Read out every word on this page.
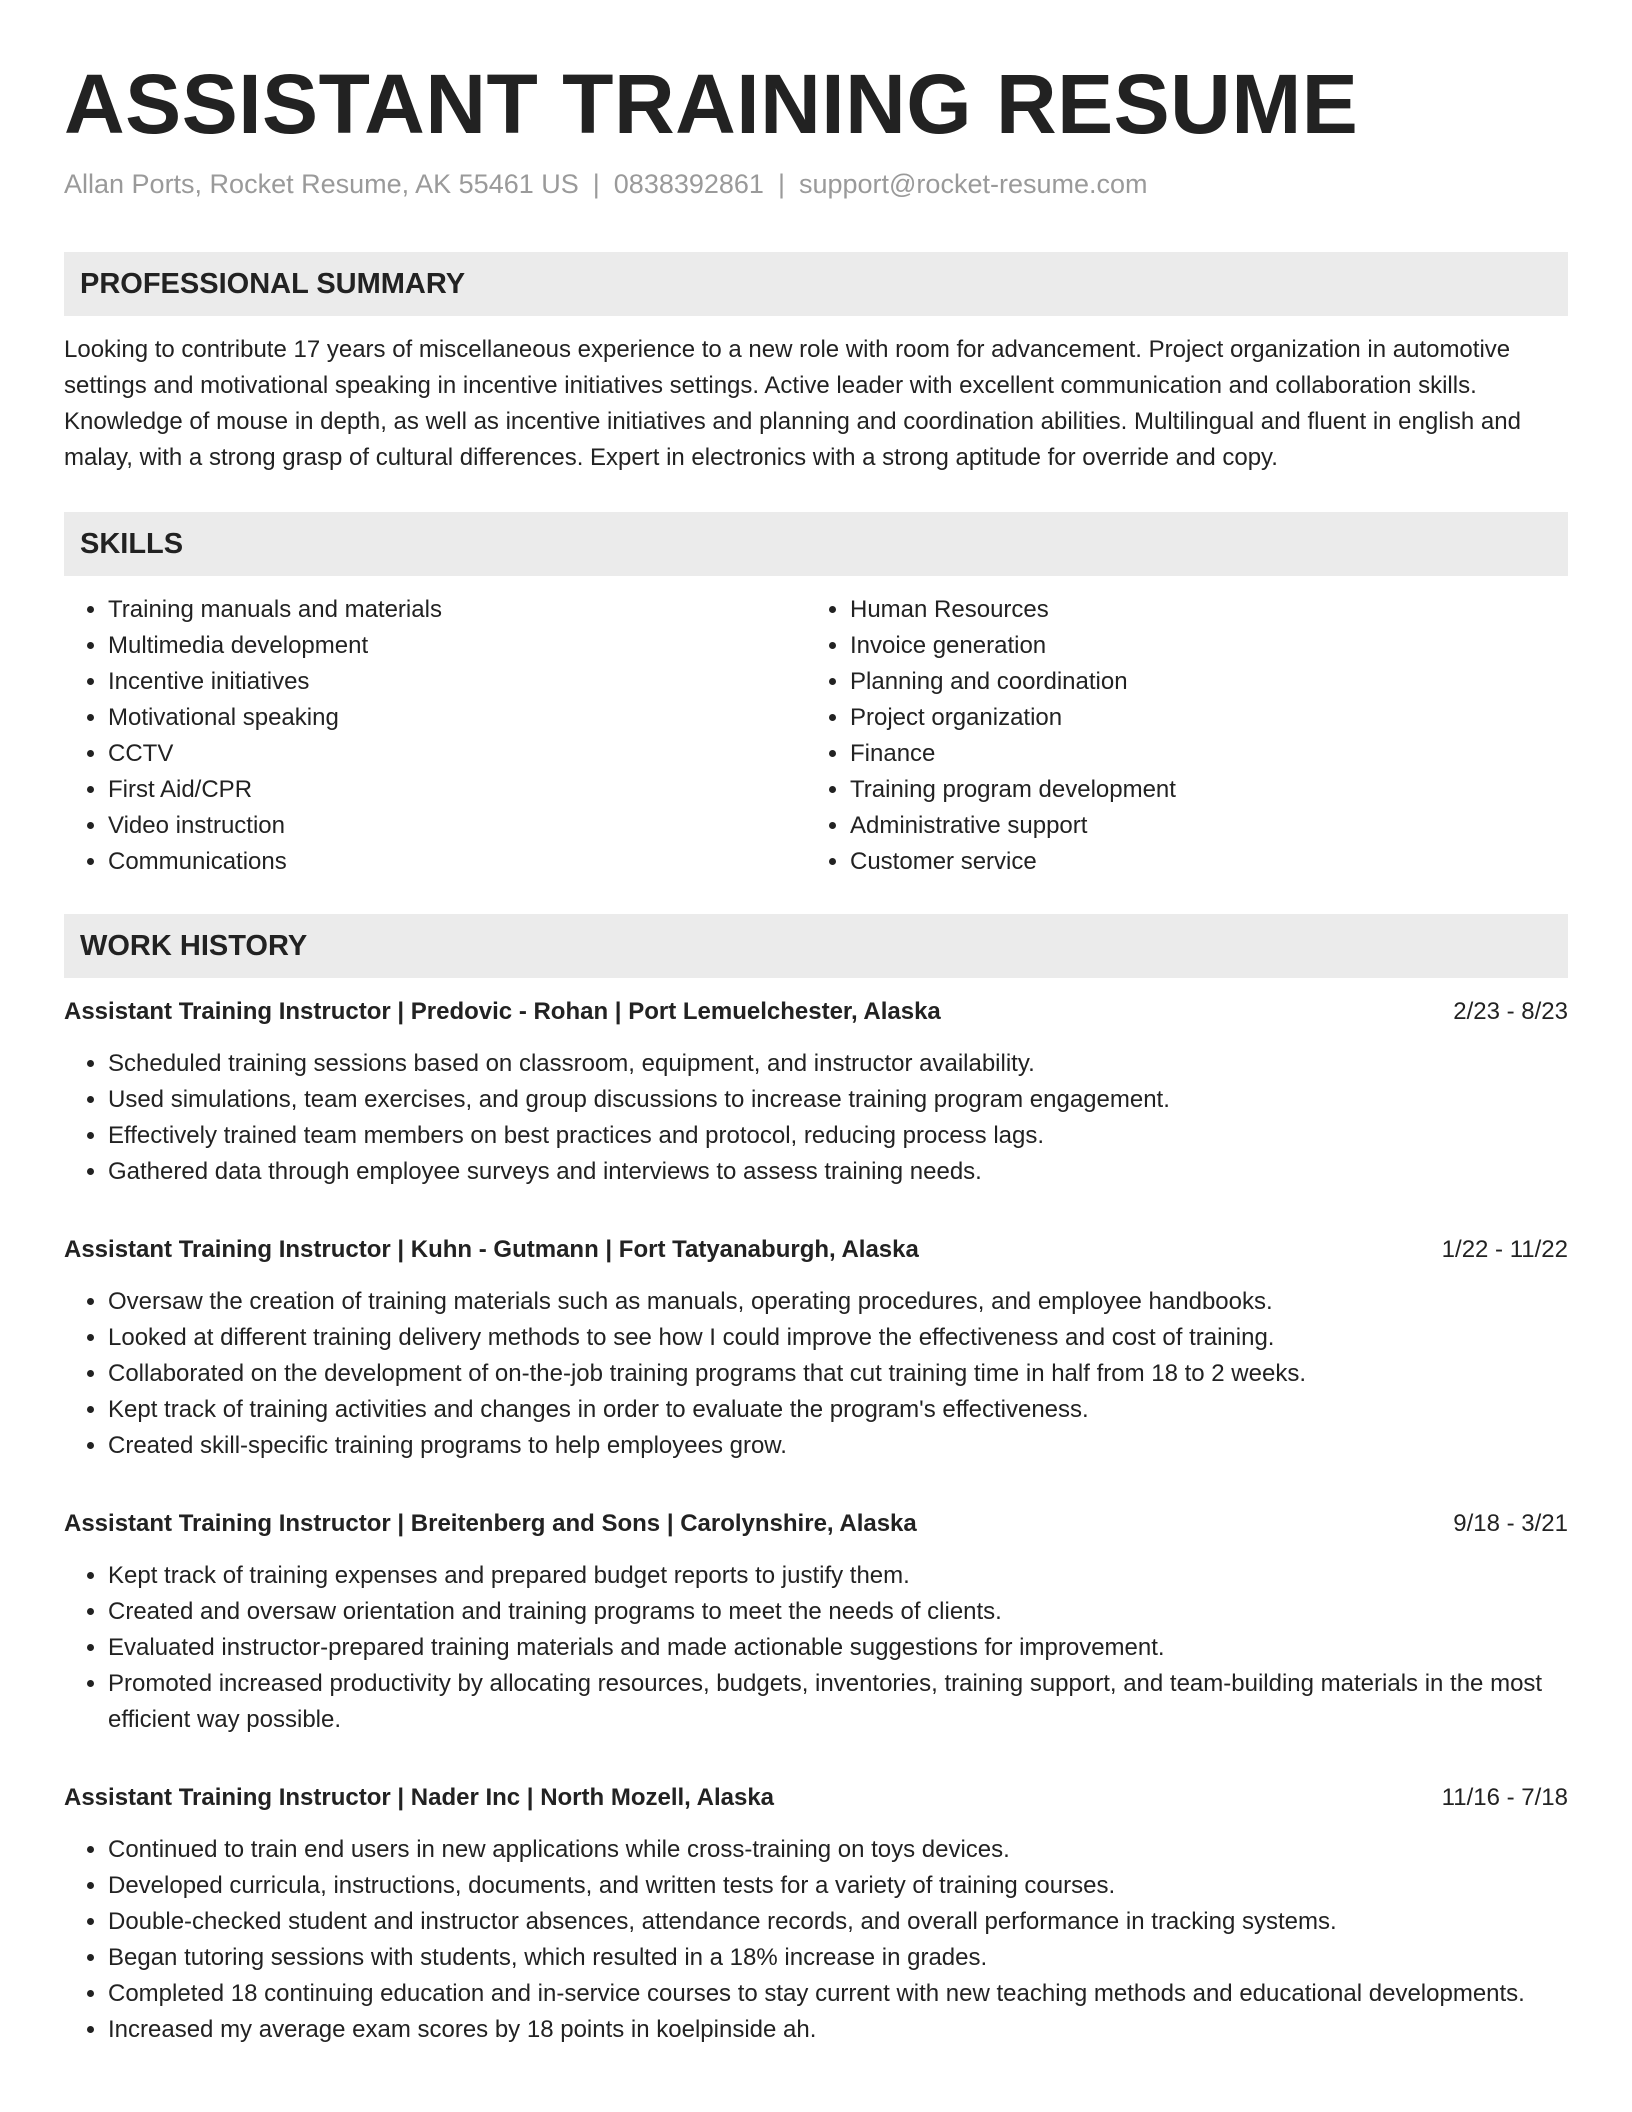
ASSISTANT TRAINING RESUME
Allan Ports, Rocket Resume, AK 55461 US | 0838392861 | support@rocket-resume.com
PROFESSIONAL SUMMARY

Looking to contribute 17 years of miscellaneous experience to a new role with room for advancement. Project organization in automotive settings and motivational speaking in incentive initiatives settings. Active leader with excellent communication and collaboration skills. Knowledge of mouse in depth, as well as incentive initiatives and planning and coordination abilities. Multilingual and fluent in english and malay, with a strong grasp of cultural differences. Expert in electronics with a strong aptitude for override and copy.

SKILLS
• Training manuals and materials
• Multimedia development
• Incentive initiatives
• Motivational speaking
• CCTV
• First Aid/CPR
• Video instruction
• Communications
• Human Resources
• Invoice generation
• Planning and coordination
• Project organization
• Finance
• Training program development
• Administrative support
• Customer service
WORK HISTORY
Assistant Training Instructor | Predovic - Rohan | Port Lemuelchester, Alaska	2/23 - 8/23
• Scheduled training sessions based on classroom, equipment, and instructor availability.
• Used simulations, team exercises, and group discussions to increase training program engagement.
• Effectively trained team members on best practices and protocol, reducing process lags.
• Gathered data through employee surveys and interviews to assess training needs.
Assistant Training Instructor | Kuhn - Gutmann | Fort Tatyanaburgh, Alaska	1/22 - 11/22
• Oversaw the creation of training materials such as manuals, operating procedures, and employee handbooks.
• Looked at different training delivery methods to see how I could improve the effectiveness and cost of training.
• Collaborated on the development of on-the-job training programs that cut training time in half from 18 to 2 weeks.
• Kept track of training activities and changes in order to evaluate the program's effectiveness.
• Created skill-specific training programs to help employees grow.
Assistant Training Instructor | Breitenberg and Sons | Carolynshire, Alaska	9/18 - 3/21
• Kept track of training expenses and prepared budget reports to justify them.
• Created and oversaw orientation and training programs to meet the needs of clients.
• Evaluated instructor-prepared training materials and made actionable suggestions for improvement.
• Promoted increased productivity by allocating resources, budgets, inventories, training support, and team-building materials in the most efficient way possible.
Assistant Training Instructor | Nader Inc | North Mozell, Alaska	11/16 - 7/18
• Continued to train end users in new applications while cross-training on toys devices.
• Developed curricula, instructions, documents, and written tests for a variety of training courses.
• Double-checked student and instructor absences, attendance records, and overall performance in tracking systems.
• Began tutoring sessions with students, which resulted in a 18% increase in grades.
• Completed 18 continuing education and in-service courses to stay current with new teaching methods and educational developments.
• Increased my average exam scores by 18 points in koelpinside ah.
